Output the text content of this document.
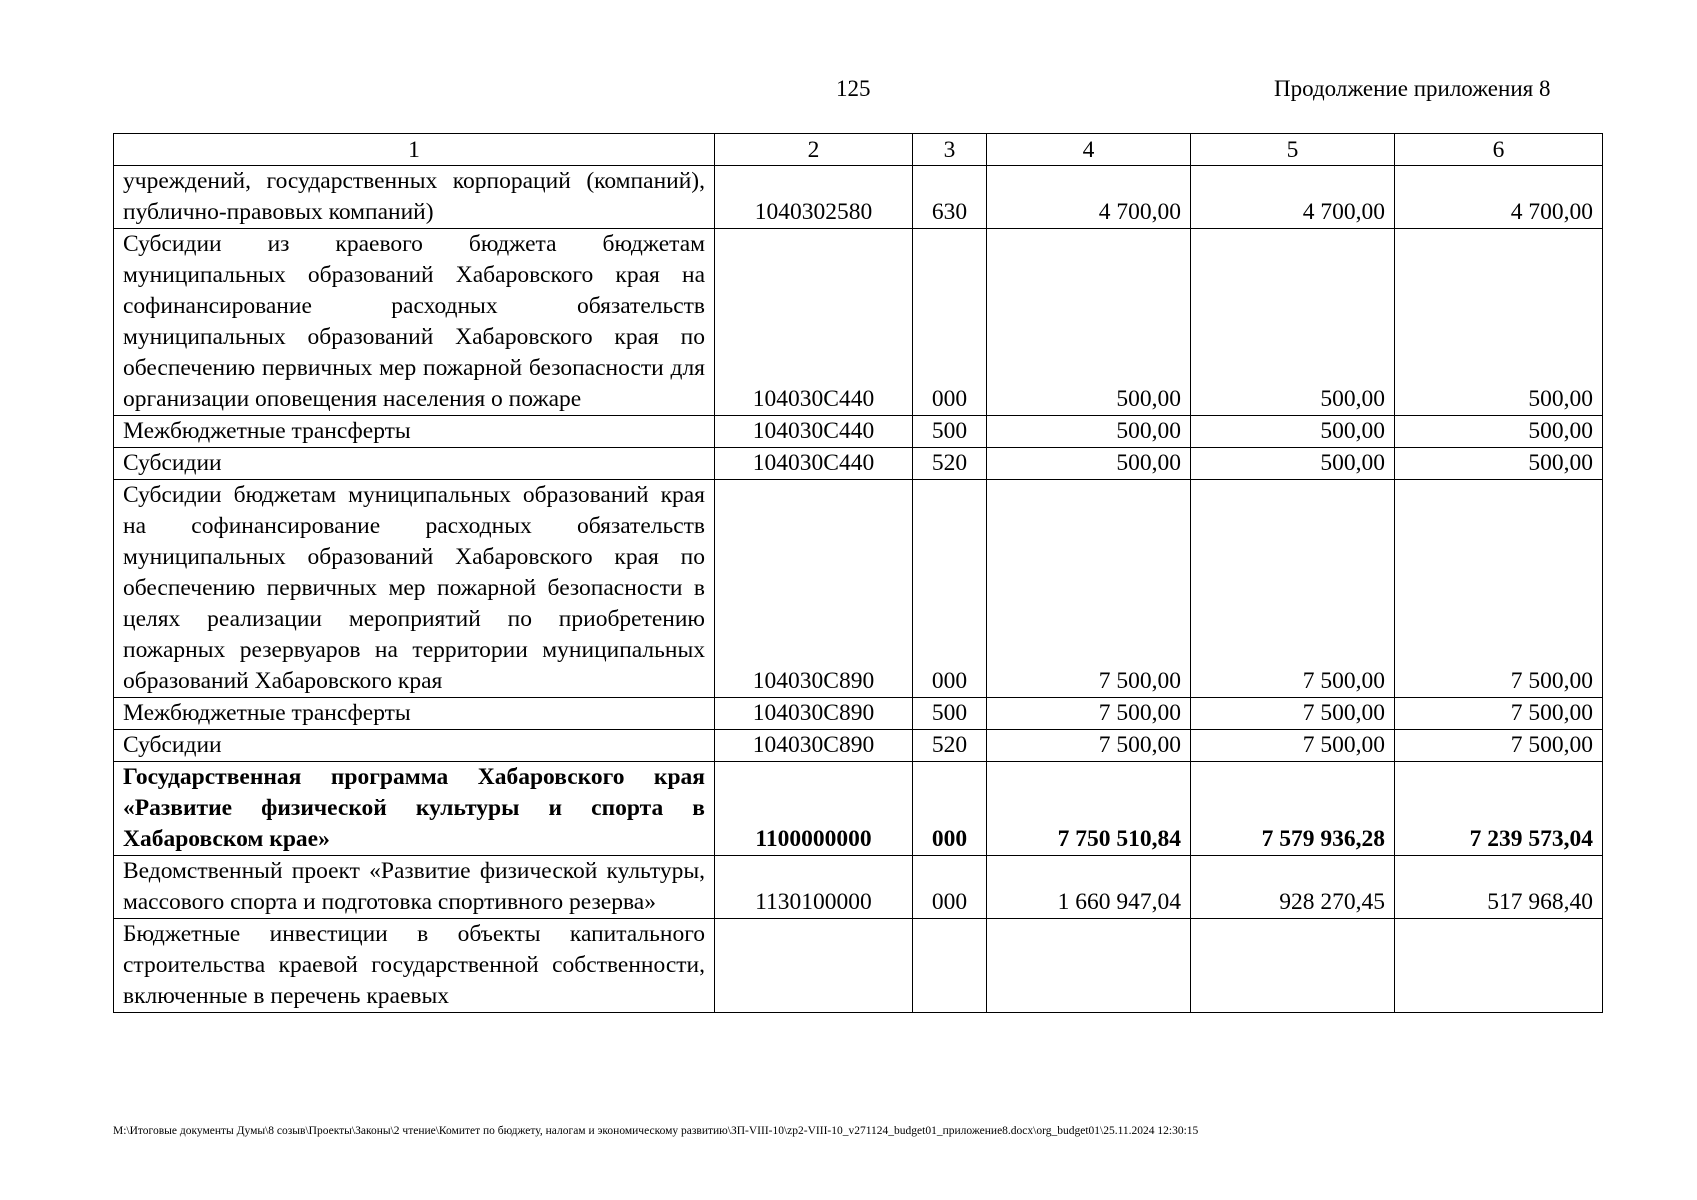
125	Продолжение приложения 8
1	2	3	4	5	6
учреждений, государственных корпораций (компаний), публично-правовых компаний)	1040302580	630	4 700,00	4 700,00	4 700,00
Субсидии из краевого бюджета бюджетам муниципальных образований Хабаровского края на софинансирование расходных обязательств муниципальных образований Хабаровского края по обеспечению первичных мер пожарной безопасности для организации оповещения населения о пожаре	104030С440	000	500,00	500,00	500,00
Межбюджетные трансферты	104030С440	500	500,00	500,00	500,00
Субсидии	104030С440	520	500,00	500,00	500,00
Субсидии бюджетам муниципальных образований края на софинансирование расходных обязательств муниципальных образований Хабаровского края по обеспечению первичных мер пожарной безопасности в целях реализации мероприятий по приобретению пожарных резервуаров на территории муниципальных образований Хабаровского края	104030С890	000	7 500,00	7 500,00	7 500,00
Межбюджетные трансферты	104030С890	500	7 500,00	7 500,00	7 500,00
Субсидии	104030С890	520	7 500,00	7 500,00	7 500,00
Государственная программа Хабаровского края «Развитие физической культуры и спорта в Хабаровском крае»	1100000000	000	7 750 510,84	7 579 936,28	7 239 573,04
Ведомственный проект «Развитие физической культуры, массового спорта и подготовка спортивного резерва»	1130100000	000	1 660 947,04	928 270,45	517 968,40
Бюджетные инвестиции в объекты капитального строительства краевой государственной собственности, включенные в перечень краевых					
M:\Итоговые документы Думы\8 созыв\Проекты\Законы\2 чтение\Комитет по бюджету, налогам и экономическому развитию\ЗП-VIII-10\zp2-VIII-10_v271124_budget01_приложение8.docx\org_budget01\25.11.2024 12:30:15
